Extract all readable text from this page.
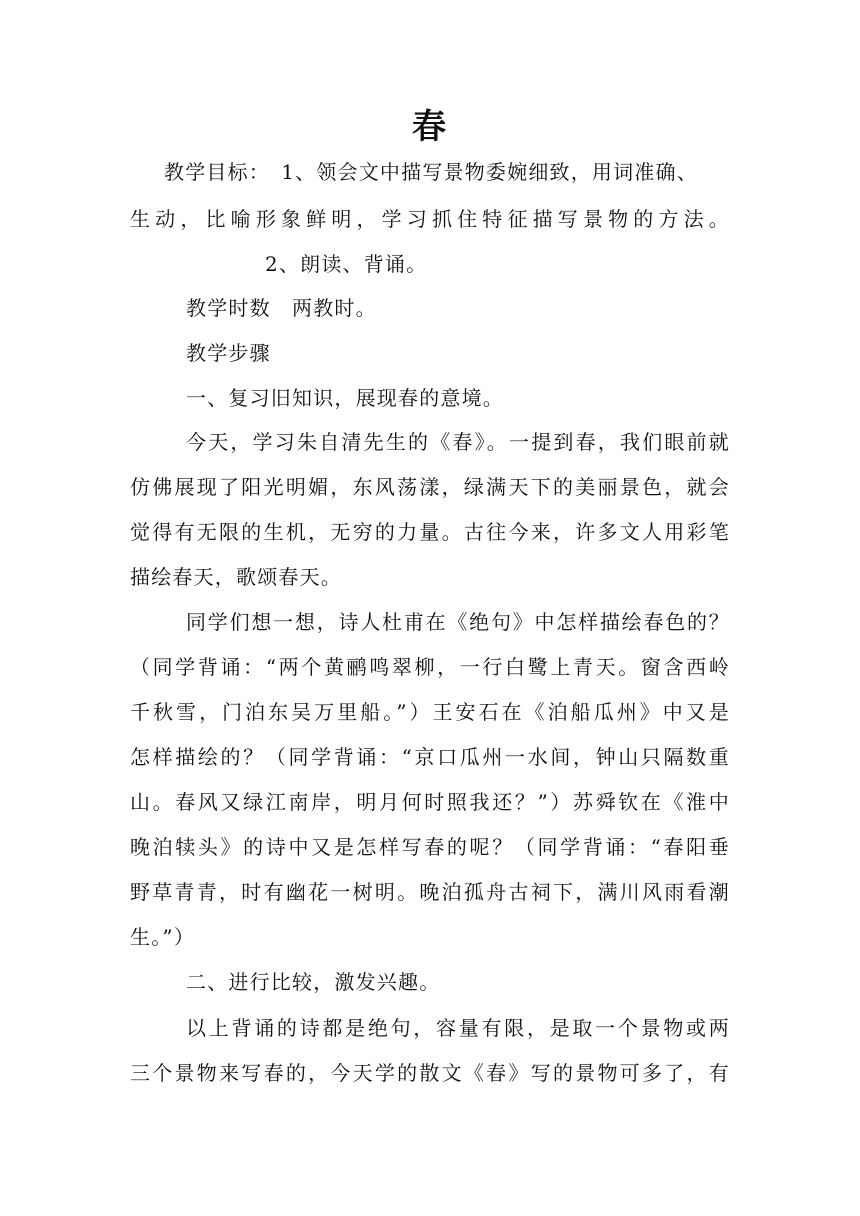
春
教学目标：　1、领会文中描写景物委婉细致，用词准确、
生动，比喻形象鲜明，学习抓住特征描写景物的方法。
2、朗读、背诵。
教学时数　两教时。
教学步骤
一、复习旧知识，展现春的意境。
今天，学习朱自清先生的《春》。一提到春，我们眼前就
仿佛展现了阳光明媚，东风荡漾，绿满天下的美丽景色，就会
觉得有无限的生机，无穷的力量。古往今来，许多文人用彩笔
描绘春天，歌颂春天。
同学们想一想，诗人杜甫在《绝句》中怎样描绘春色的？
（同学背诵：“两个黄鹂鸣翠柳，一行白鹭上青天。窗含西岭
千秋雪，门泊东吴万里船。”）王安石在《泊船瓜州》中又是
怎样描绘的？（同学背诵：“京口瓜州一水间，钟山只隔数重
山。春风又绿江南岸，明月何时照我还？”）苏舜钦在《淮中
晚泊犊头》的诗中又是怎样写春的呢？（同学背诵：“春阳垂
野草青青，时有幽花一树明。晚泊孤舟古祠下，满川风雨看潮
生。”）
二、进行比较，激发兴趣。
以上背诵的诗都是绝句，容量有限，是取一个景物或两
三个景物来写春的，今天学的散文《春》写的景物可多了，有
